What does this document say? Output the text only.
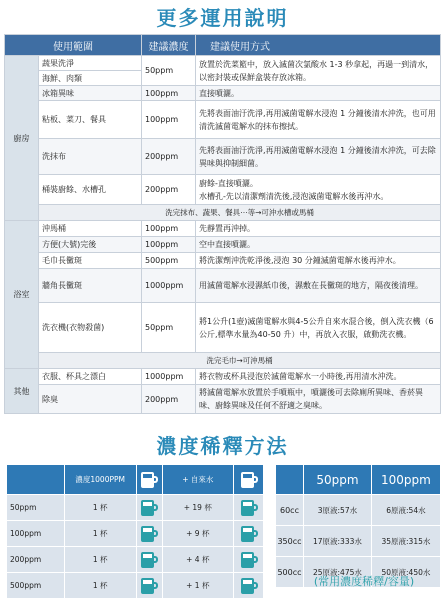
更多運用說明
使用範圍		建議濃度	建議使用方式
廚房	蔬果洗淨	50ppm	放置於洗菜籃中，放入滅菌次氯酸水 1-3 秒拿起，再過一到清水，以密封裝或保鮮盒裝存放冰箱。
	海鮮、肉類		
	冰箱異味	100ppm	直接噴灑。
	粘板、菜刀、餐具	100ppm	先將表面油汙洗淨,再用滅菌電解水浸泡 1 分鐘後清水沖洗，也可用清洗滅菌電解水的抹布擦拭。
	洗抹布	200ppm	先將表面油汙洗淨,再用滅菌電解水浸泡 1 分鐘後清水沖洗，可去除異味與抑制細菌。
	桶裝廚餘、水槽孔	200ppm	廚餘-直接噴灑。
水槽孔-先以清潔劑清洗後,浸泡滅菌電解水後再沖水。

	洗完抹布、蔬果、餐具⋯等→可沖水槽或馬桶		
浴室	沖馬桶	100ppm	先靜置再沖掉。
	方便(大號)完後	100ppm	空中直接噴灑。
	毛巾長黴斑	500ppm	將洗潔劑沖洗乾淨後,浸泡 30 分鐘滅菌電解水後再沖水。
	牆角長黴斑	1000ppm	用滅菌電解水浸濕紙巾後，濕敷在長黴斑的地方，隔夜後清理。
	洗衣機(衣物殺菌)	50ppm	將1公升(1壺)滅菌電解水與4-5公升自來水混合後，倒入洗衣機（6 公斤,標準水量為40-50 升）中，再放入衣服，啟動洗衣機。
	洗完毛巾→可沖馬桶		
其他	衣服、杯具之漂白	1000ppm	將衣物或杯具浸泡於滅菌電解水一小時後,再用清水沖洗。
	除臭	200ppm	將滅菌電解水放置於手噴瓶中，噴灑後可去除廁所異味、香菸異味、廚餘異味及任何不舒適之臭味。
濃度稀釋方法
	濃度1000PPM		+ 自來水	

50ppm	1 杯		+ 19 杯	

100ppm	1 杯		+ 9 杯	

200ppm	1 杯		+ 4 杯	

500ppm	1 杯		+ 1 杯	
	50ppm	100ppm
60cc	3原液:57水	6原液:54水
350cc	17原液:333水	35原液:315水
500cc	25原液:475水	50原液:450水
(常用濃度稀釋/容量)
